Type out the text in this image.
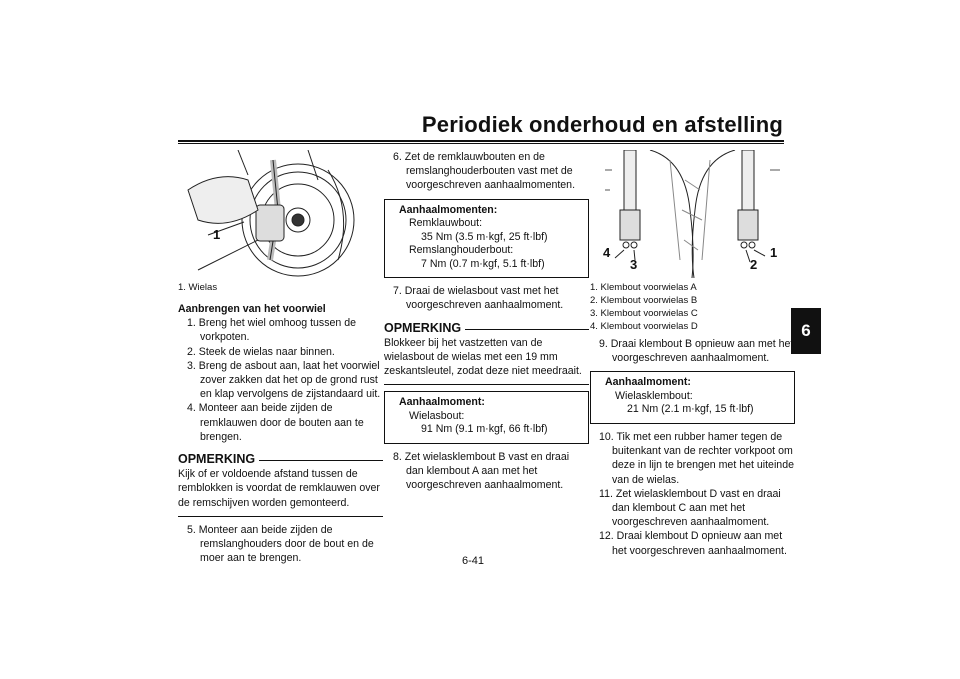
Periodiek onderhoud en afstelling
6
6-41
1
1. Wielas
Aanbrengen van het voorwiel
1. Breng het wiel omhoog tussen de vorkpoten.
2. Steek de wielas naar binnen.
3. Breng de asbout aan, laat het voorwiel zover zakken dat het op de grond rust en klap vervolgens de zijstandaard uit.
4. Monteer aan beide zijden de remklauwen door de bouten aan te brengen.
OPMERKING
Kijk of er voldoende afstand tussen de remblokken is voordat de remklauwen over de remschijven worden gemonteerd.
5. Monteer aan beide zijden de remslanghouders door de bout en de moer aan te brengen.
6. Zet de remklauwbouten en de remslanghouderbouten vast met de voorgeschreven aanhaalmomenten.
Aanhaalmomenten:
Remklauwbout:
35 Nm (3.5 m·kgf, 25 ft·lbf)
Remslanghouderbout:
7 Nm (0.7 m·kgf, 5.1 ft·lbf)
7. Draai de wielasbout vast met het voorgeschreven aanhaalmoment.
OPMERKING
Blokkeer bij het vastzetten van de wielasbout de wielas met een 19 mm zeskantsleutel, zodat deze niet meedraait.
Aanhaalmoment:
Wielasbout:
91 Nm (9.1 m·kgf, 66 ft·lbf)
8. Zet wielasklembout B vast en draai dan klembout A aan met het voorgeschreven aanhaalmoment.
4
3
1
2
1. Klembout voorwielas A
2. Klembout voorwielas B
3. Klembout voorwielas C
4. Klembout voorwielas D
9. Draai klembout B opnieuw aan met het voorgeschreven aanhaalmoment.
Aanhaalmoment:
Wielasklembout:
21 Nm (2.1 m·kgf, 15 ft·lbf)
10. Tik met een rubber hamer tegen de buitenkant van de rechter vorkpoot om deze in lijn te brengen met het uiteinde van de wielas.
11. Zet wielasklembout D vast en draai dan klembout C aan met het voorgeschreven aanhaalmoment.
12. Draai klembout D opnieuw aan met het voorgeschreven aanhaalmoment.
